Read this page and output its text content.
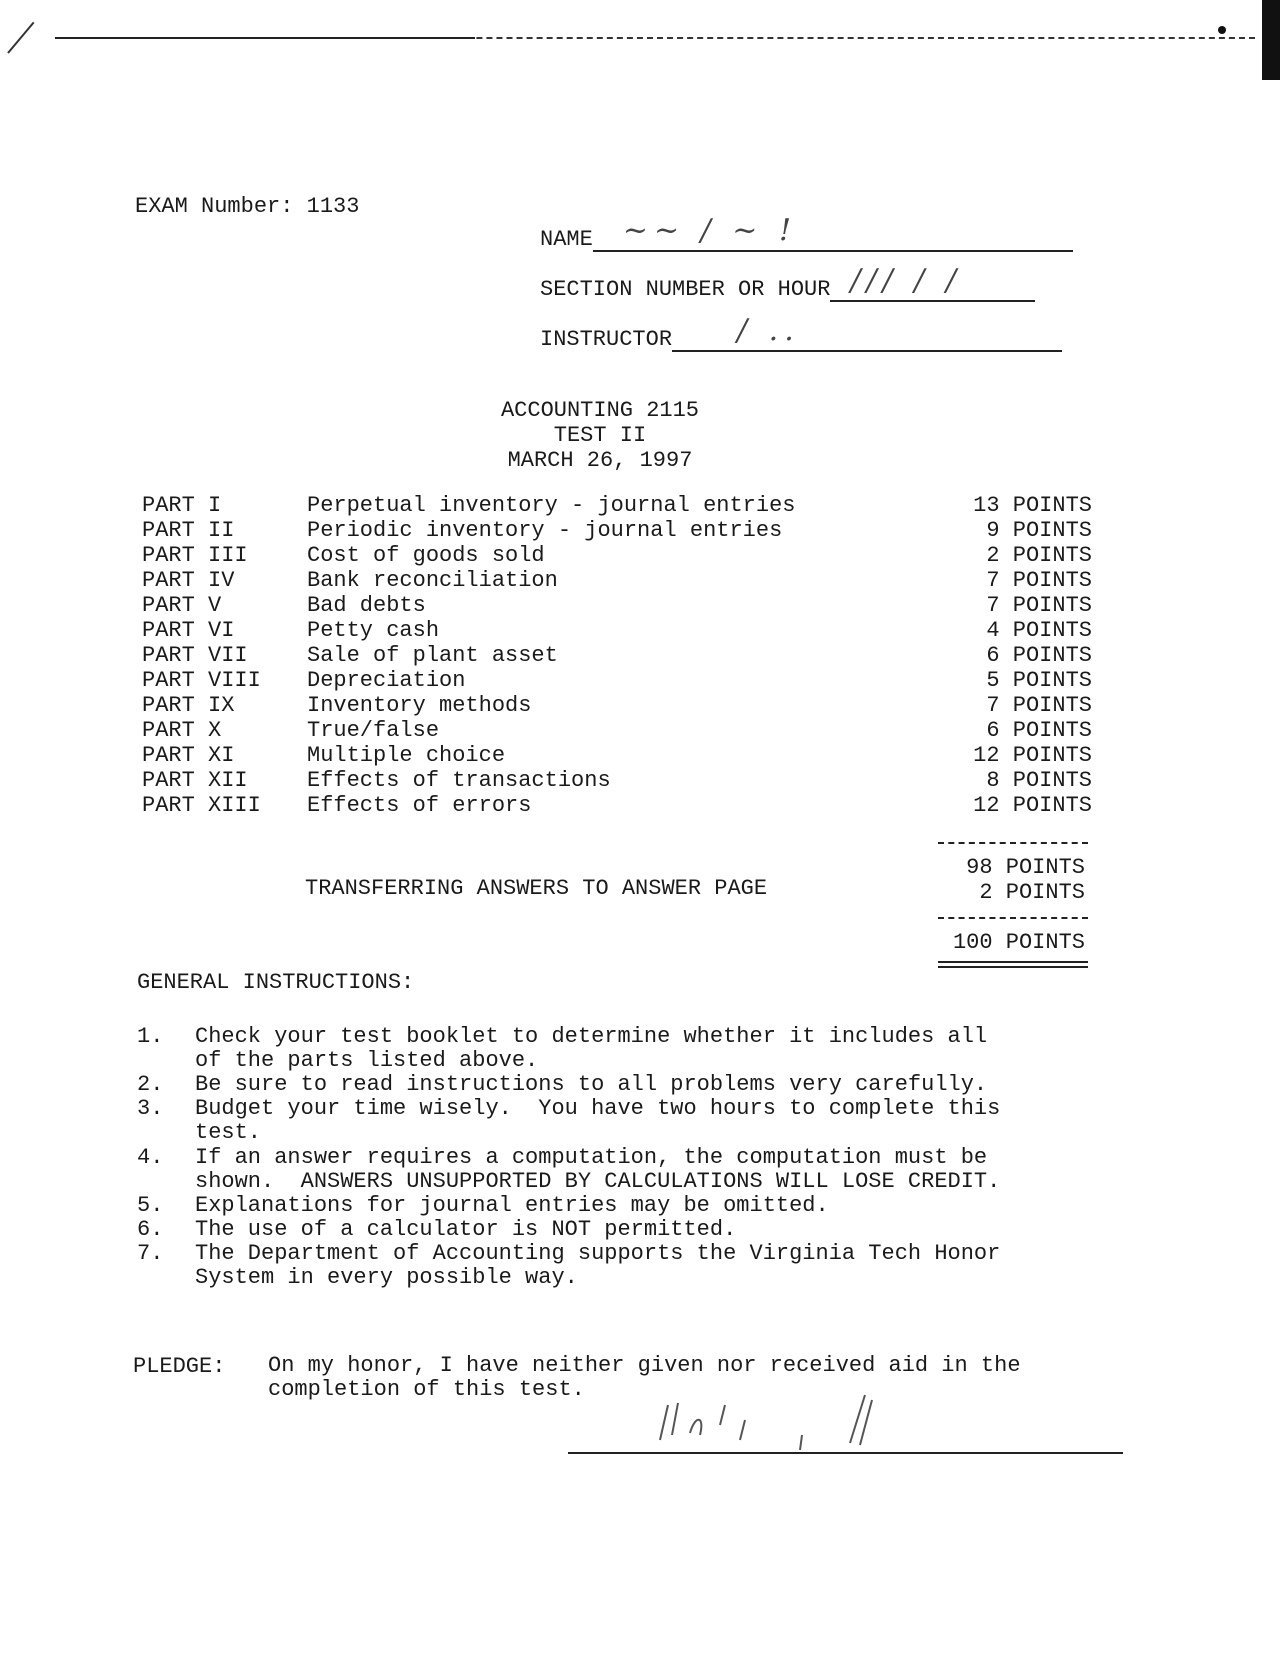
EXAM Number: 1133
NAME ~~ / ~ !
SECTION NUMBER OR HOUR /// / /
INSTRUCTOR / ..
ACCOUNTING 2115
TEST II
MARCH 26, 1997
PART I	Perpetual inventory - journal entries	13 POINTS
PART II	Periodic inventory - journal entries	9 POINTS
PART III	Cost of goods sold	2 POINTS
PART IV	Bank reconciliation	7 POINTS
PART V	Bad debts	7 POINTS
PART VI	Petty cash	4 POINTS
PART VII	Sale of plant asset	6 POINTS
PART VIII Depreciation	5 POINTS
PART IX	Inventory methods	7 POINTS
PART X	True/false	6 POINTS
PART XI	Multiple choice	12 POINTS
PART XII	Effects of transactions	8 POINTS
PART XIII Effects of errors	12 POINTS
98 POINTS
TRANSFERRING ANSWERS TO ANSWER PAGE	2 POINTS
100 POINTS
GENERAL INSTRUCTIONS:
1. Check your test booklet to determine whether it includes all
of the parts listed above.
2. Be sure to read instructions to all problems very carefully.
3. Budget your time wisely.  You have two hours to complete this
test.
4. If an answer requires a computation, the computation must be
shown.  ANSWERS UNSUPPORTED BY CALCULATIONS WILL LOSE CREDIT.
5. Explanations for journal entries may be omitted.
6. The use of a calculator is NOT permitted.
7. The Department of Accounting supports the Virginia Tech Honor
System in every possible way.
PLEDGE: On my honor, I have neither given nor received aid in the
completion of this test.
